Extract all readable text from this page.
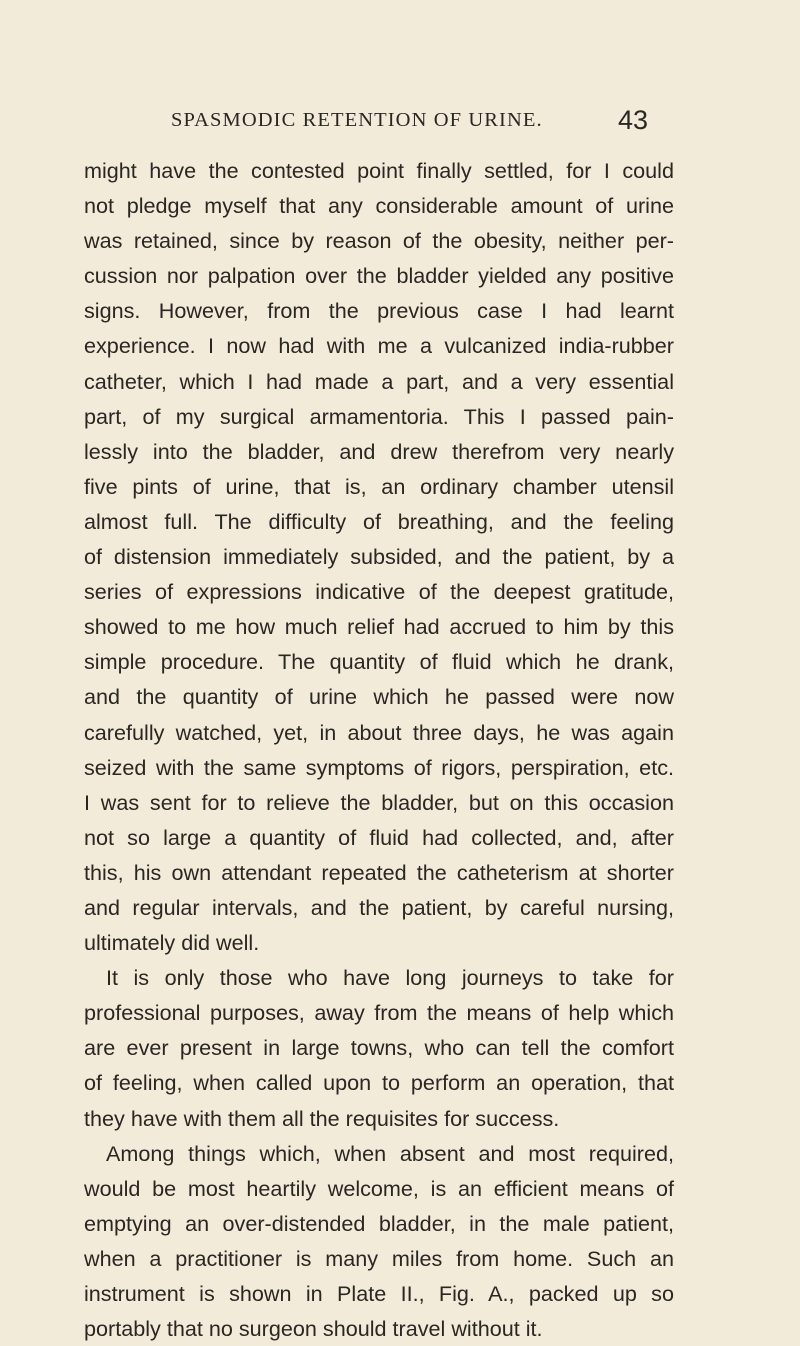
SPASMODIC RETENTION OF URINE.	43
might have the contested point finally settled, for I could
not pledge myself that any considerable amount of urine
was retained, since by reason of the obesity, neither per-
cussion nor palpation over the bladder yielded any positive
signs. However, from the previous case I had learnt
experience. I now had with me a vulcanized india-rubber
catheter, which I had made a part, and a very essential
part, of my surgical armamentoria. This I passed pain-
lessly into the bladder, and drew therefrom very nearly
five pints of urine, that is, an ordinary chamber utensil
almost full. The difficulty of breathing, and the feeling
of distension immediately subsided, and the patient, by a
series of expressions indicative of the deepest gratitude,
showed to me how much relief had accrued to him by this
simple procedure. The quantity of fluid which he drank,
and the quantity of urine which he passed were now
carefully watched, yet, in about three days, he was again
seized with the same symptoms of rigors, perspiration, etc.
I was sent for to relieve the bladder, but on this occasion
not so large a quantity of fluid had collected, and, after
this, his own attendant repeated the catheterism at shorter
and regular intervals, and the patient, by careful nursing,
ultimately did well.
It is only those who have long journeys to take for
professional purposes, away from the means of help which
are ever present in large towns, who can tell the comfort
of feeling, when called upon to perform an operation, that
they have with them all the requisites for success.
Among things which, when absent and most required,
would be most heartily welcome, is an efficient means of
emptying an over-distended bladder, in the male patient,
when a practitioner is many miles from home. Such an
instrument is shown in Plate II., Fig. A., packed up so
portably that no surgeon should travel without it.
